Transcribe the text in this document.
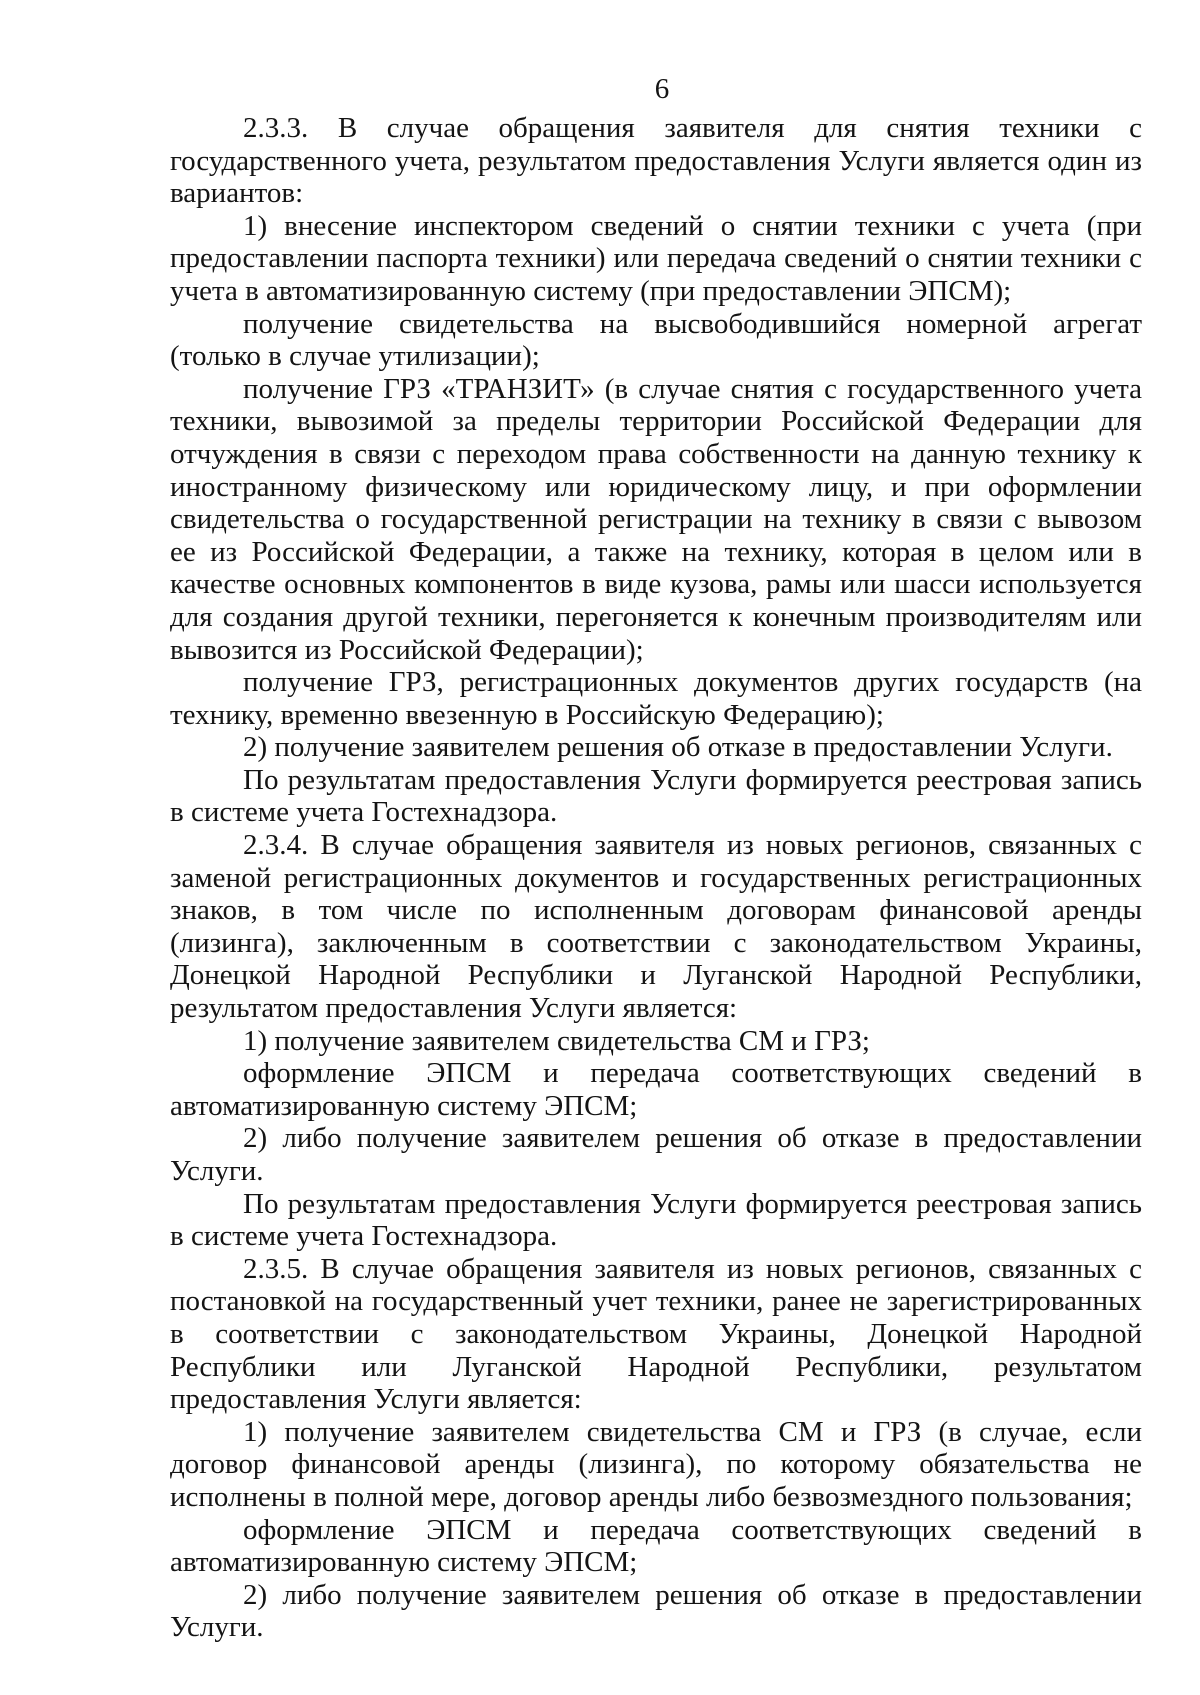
6

2.3.3. В случае обращения заявителя для снятия техники с государственного учета, результатом предоставления Услуги является один из вариантов:

1) внесение инспектором сведений о снятии техники с учета (при предоставлении паспорта техники) или передача сведений о снятии техники с учета в автоматизированную систему (при предоставлении ЭПСМ);

получение свидетельства на высвободившийся номерной агрегат (только в случае утилизации);

получение ГРЗ «ТРАНЗИТ» (в случае снятия с государственного учета техники, вывозимой за пределы территории Российской Федерации для отчуждения в связи с переходом права собственности на данную технику к иностранному физическому или юридическому лицу, и при оформлении свидетельства о государственной регистрации на технику в связи с вывозом ее из Российской Федерации, а также на технику, которая в целом или в качестве основных компонентов в виде кузова, рамы или шасси используется для создания другой техники, перегоняется к конечным производителям или вывозится из Российской Федерации);

получение ГРЗ, регистрационных документов других государств (на технику, временно ввезенную в Российскую Федерацию);

2) получение заявителем решения об отказе в предоставлении Услуги.

По результатам предоставления Услуги формируется реестровая запись в системе учета Гостехнадзора.

2.3.4. В случае обращения заявителя из новых регионов, связанных с заменой регистрационных документов и государственных регистрационных знаков, в том числе по исполненным договорам финансовой аренды (лизинга), заключенным в соответствии с законодательством Украины, Донецкой Народной Республики и Луганской Народной Республики, результатом предоставления Услуги является:

1) получение заявителем свидетельства СМ и ГРЗ;

оформление ЭПСМ и передача соответствующих сведений в автоматизированную систему ЭПСМ;

2) либо получение заявителем решения об отказе в предоставлении Услуги.

По результатам предоставления Услуги формируется реестровая запись в системе учета Гостехнадзора.

2.3.5. В случае обращения заявителя из новых регионов, связанных с постановкой на государственный учет техники, ранее не зарегистрированных в соответствии с законодательством Украины, Донецкой Народной Республики или Луганской Народной Республики, результатом предоставления Услуги является:

1) получение заявителем свидетельства СМ и ГРЗ (в случае, если договор финансовой аренды (лизинга), по которому обязательства не исполнены в полной мере, договор аренды либо безвозмездного пользования;

оформление ЭПСМ и передача соответствующих сведений в автоматизированную систему ЭПСМ;

2) либо получение заявителем решения об отказе в предоставлении Услуги.
